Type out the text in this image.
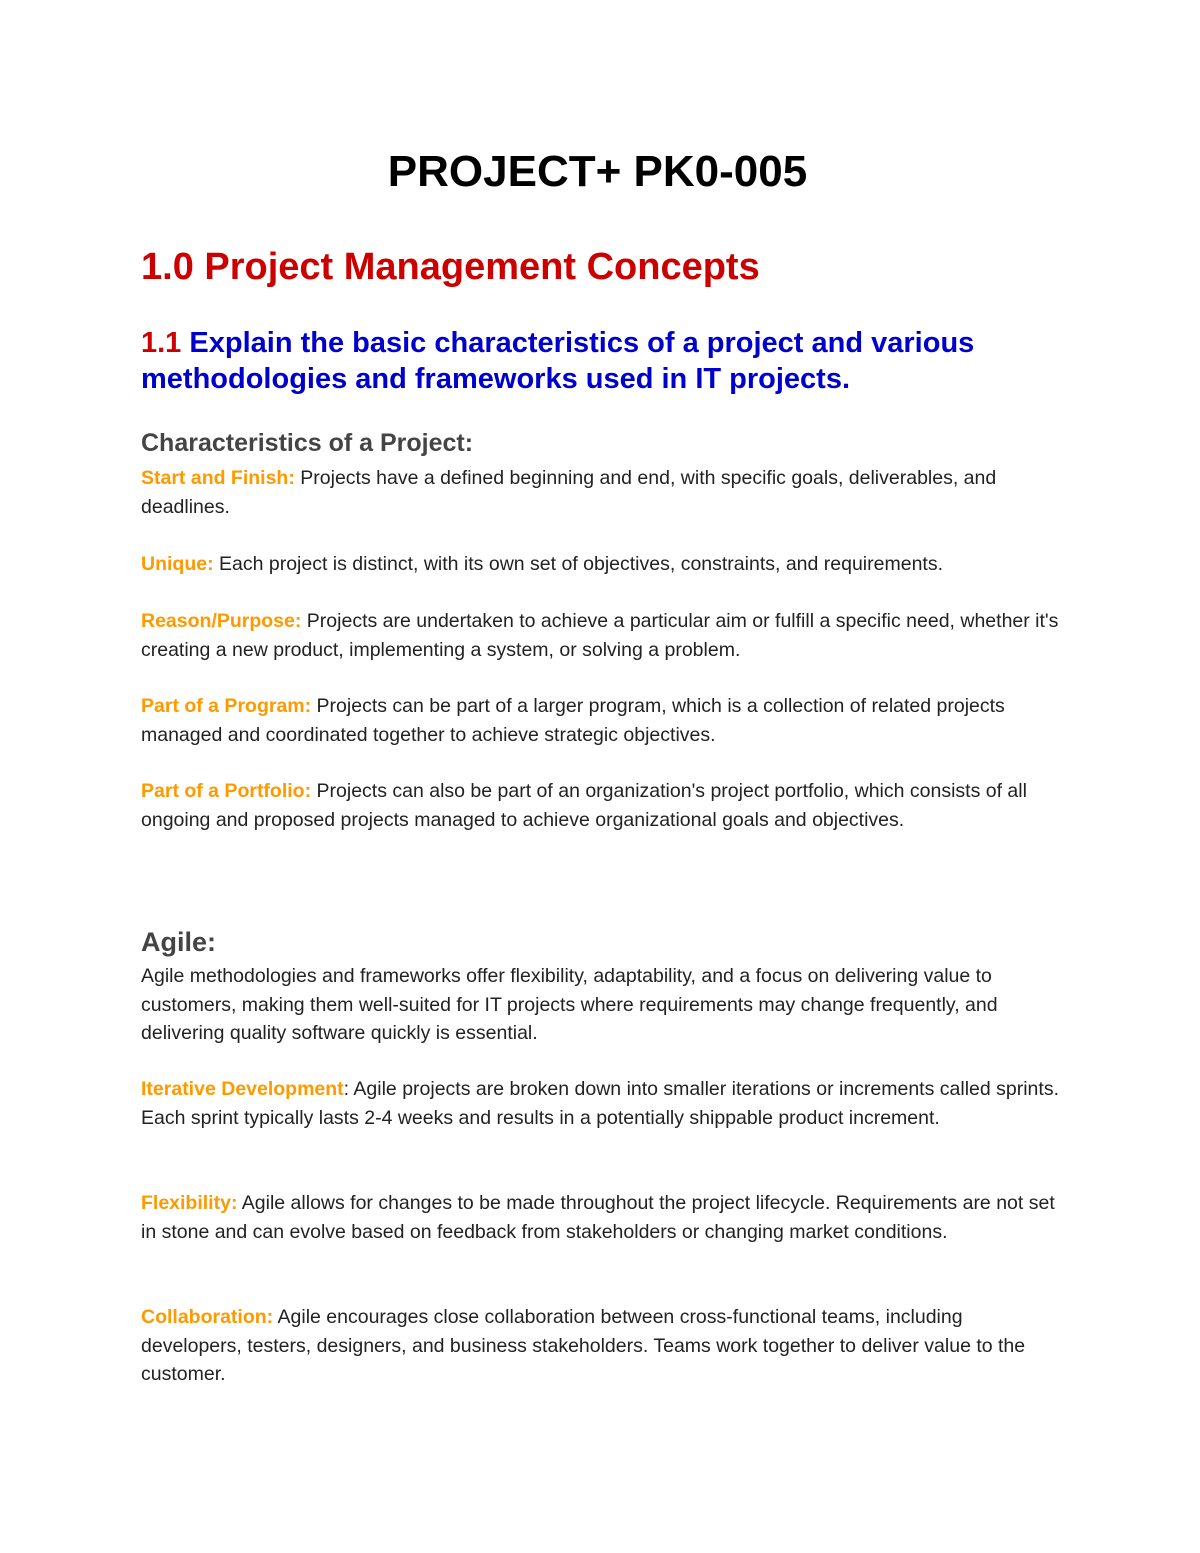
PROJECT+ PK0-005
1.0 Project Management Concepts
1.1 Explain the basic characteristics of a project and various methodologies and frameworks used in IT projects.
Characteristics of a Project:

Start and Finish: Projects have a defined beginning and end, with specific goals, deliverables, and deadlines.

Unique: Each project is distinct, with its own set of objectives, constraints, and requirements.

Reason/Purpose: Projects are undertaken to achieve a particular aim or fulfill a specific need, whether it's creating a new product, implementing a system, or solving a problem.

Part of a Program: Projects can be part of a larger program, which is a collection of related projects managed and coordinated together to achieve strategic objectives.

Part of a Portfolio: Projects can also be part of an organization's project portfolio, which consists of all ongoing and proposed projects managed to achieve organizational goals and objectives.

Agile:

Agile methodologies and frameworks offer flexibility, adaptability, and a focus on delivering value to customers, making them well-suited for IT projects where requirements may change frequently, and delivering quality software quickly is essential.

Iterative Development: Agile projects are broken down into smaller iterations or increments called sprints. Each sprint typically lasts 2-4 weeks and results in a potentially shippable product increment.

Flexibility: Agile allows for changes to be made throughout the project lifecycle. Requirements are not set in stone and can evolve based on feedback from stakeholders or changing market conditions.

Collaboration: Agile encourages close collaboration between cross-functional teams, including developers, testers, designers, and business stakeholders. Teams work together to deliver value to the customer.
